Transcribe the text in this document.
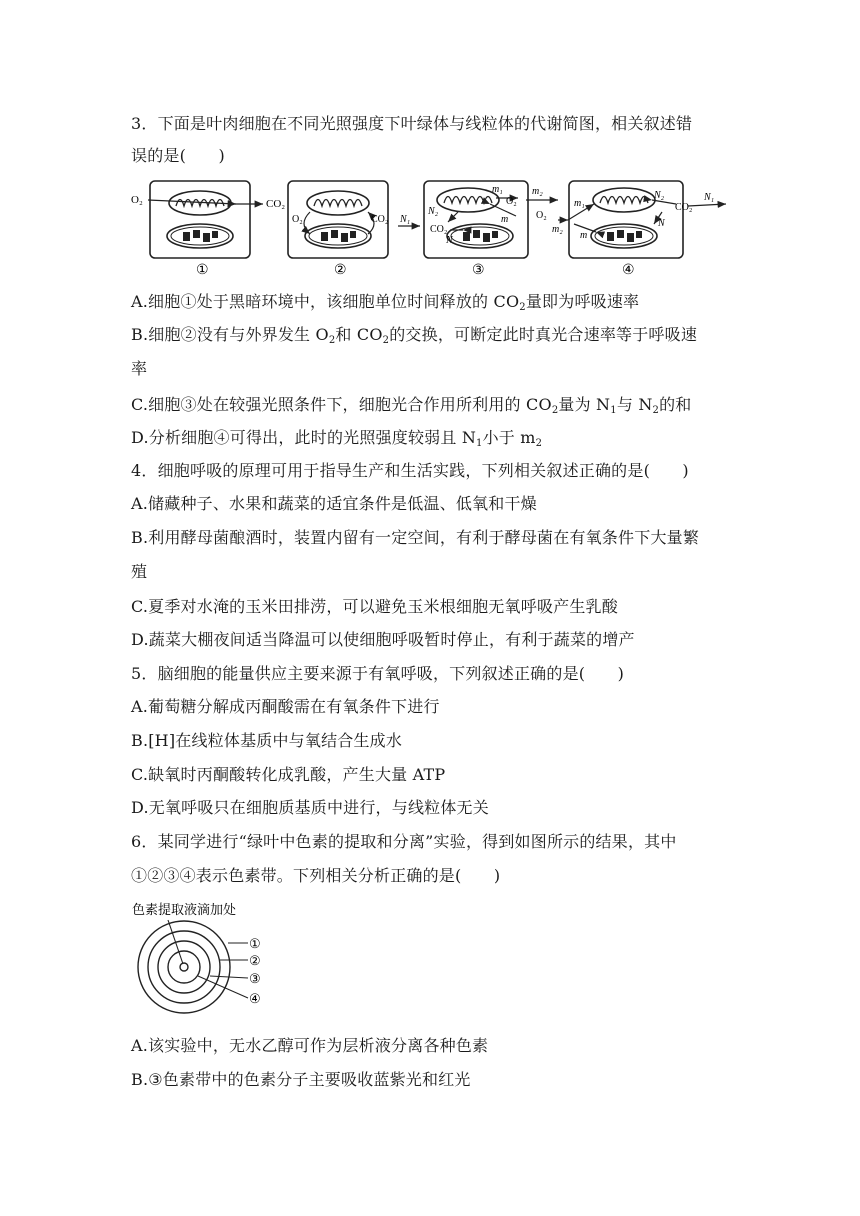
3．下面是叶肉细胞在不同光照强度下叶绿体与线粒体的代谢简图，相关叙述错
误的是(　　)
O₂	CO₂
①
O₂	CO₂
②
N₁
m₁
N₂
CO₂
N
m
O₂
m₂
③
O₂
m₂
m₁
m
N₂
N
CO₂
N₁
④
A.细胞①处于黑暗环境中，该细胞单位时间释放的 $CO_2$量即为呼吸速率
B.细胞②没有与外界发生 $O_2$和 $CO_2$的交换，可断定此时真光合速率等于呼吸速
率
C.细胞③处在较强光照条件下，细胞光合作用所利用的 $CO_2$量为 $N_1$与 $N_2$的和
D.分析细胞④可得出，此时的光照强度较弱且 $N_1$小于 $m_2$
4．细胞呼吸的原理可用于指导生产和生活实践，下列相关叙述正确的是(　　)
A.储藏种子、水果和蔬菜的适宜条件是低温、低氧和干燥
B.利用酵母菌酿酒时，装置内留有一定空间，有利于酵母菌在有氧条件下大量繁
殖
C.夏季对水淹的玉米田排涝，可以避免玉米根细胞无氧呼吸产生乳酸
D.蔬菜大棚夜间适当降温可以使细胞呼吸暂时停止，有利于蔬菜的增产
5．脑细胞的能量供应主要来源于有氧呼吸，下列叙述正确的是(　　)
A.葡萄糖分解成丙酮酸需在有氧条件下进行
B.[H]在线粒体基质中与氧结合生成水
C.缺氧时丙酮酸转化成乳酸，产生大量 ATP
D.无氧呼吸只在细胞质基质中进行，与线粒体无关
6．某同学进行“绿叶中色素的提取和分离”实验，得到如图所示的结果，其中
①②③④表示色素带。下列相关分析正确的是(　　)
色素提取液滴加处
①
②
③
④
A.该实验中，无水乙醇可作为层析液分离各种色素
B.③色素带中的色素分子主要吸收蓝紫光和红光
